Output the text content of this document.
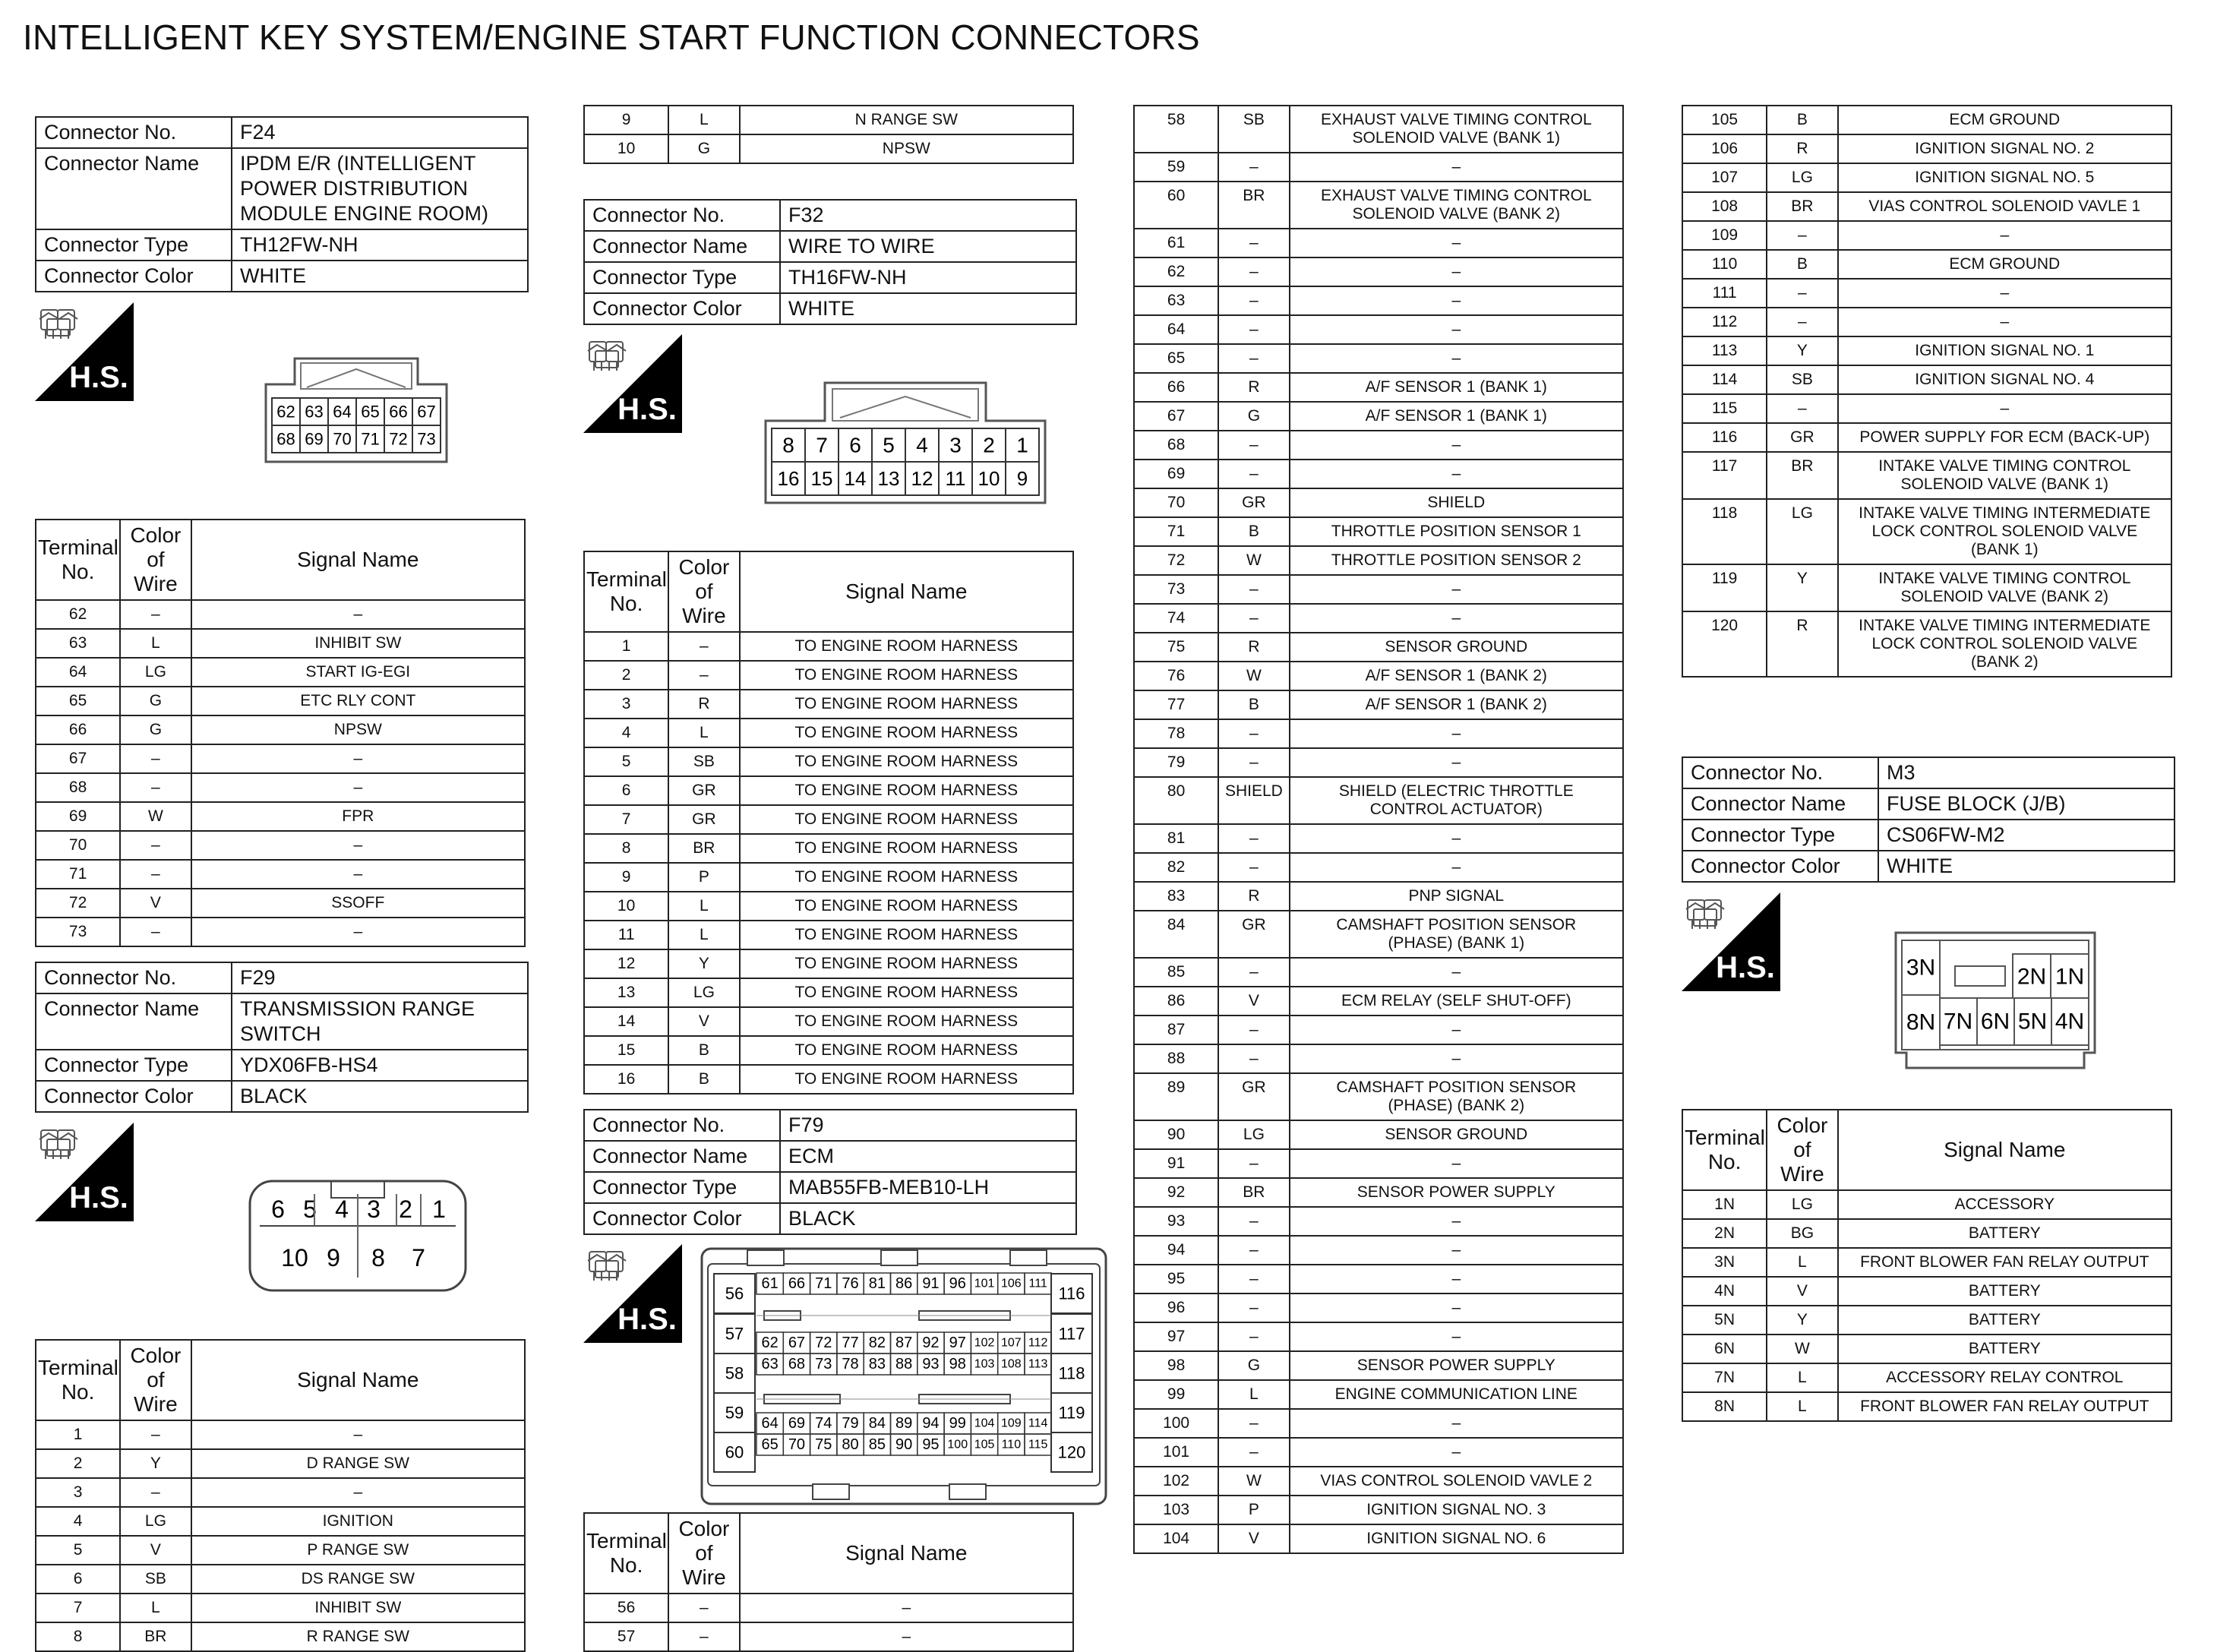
INTELLIGENT KEY SYSTEM/ENGINE START FUNCTION CONNECTORS
Connector No.	F24
Connector Name	IPDM E/R (INTELLIGENT POWER DISTRIBUTION MODULE ENGINE ROOM)
Connector Type	TH12FW-NH
Connector Color	WHITE
Connector No.	F29
Connector Name	TRANSMISSION RANGE SWITCH
Connector Type	YDX06FB-HS4
Connector Color	BLACK
Connector No.	F32
Connector Name	WIRE TO WIRE
Connector Type	TH16FW-NH
Connector Color	WHITE
Connector No.	F79
Connector Name	ECM
Connector Type	MAB55FB-MEB10-LH
Connector Color	BLACK
Connector No.	M3
Connector Name	FUSE BLOCK (J/B)
Connector Type	CS06FW-M2
Connector Color	WHITE
H.S.
H.S.
H.S.
H.S.
H.S.
62 63 64 65 66 67
68 69 70 71 72 73
6 5 4 3 2 1
10 9 8 7
8 7 6 5 4 3 2 1
16 15 14 13 12 11 10 9
56
57
58
59
60
116
117
118
119
120
61 66 71 76 81 86 91 96 101 106 111
62 67 72 77 82 87 92 97 102 107 112
63 68 73 78 83 88 93 98 103 108 113
64 69 74 79 84 89 94 99 104 109 114
65 70 75 80 85 90 95 100 105 110 115
3N
8N
2N 1N
7N 6N 5N 4N
Terminal
No.	Color of
Wire	Signal Name
62	–	–
63	L	INHIBIT SW
64	LG	START IG-EGI
65	G	ETC RLY CONT
66	G	NPSW
67	–	–
68	–	–
69	W	FPR
70	–	–
71	–	–
72	V	SSOFF
73	–	–
Terminal
No.	Color of
Wire	Signal Name
1	–	–
2	Y	D RANGE SW
3	–	–
4	LG	IGNITION
5	V	P RANGE SW
6	SB	DS RANGE SW
7	L	INHIBIT SW
8	BR	R RANGE SW
9	L	N RANGE SW
10	G	NPSW
Terminal
No.	Color of
Wire	Signal Name
1	–	TO ENGINE ROOM HARNESS
2	–	TO ENGINE ROOM HARNESS
3	R	TO ENGINE ROOM HARNESS
4	L	TO ENGINE ROOM HARNESS
5	SB	TO ENGINE ROOM HARNESS
6	GR	TO ENGINE ROOM HARNESS
7	GR	TO ENGINE ROOM HARNESS
8	BR	TO ENGINE ROOM HARNESS
9	P	TO ENGINE ROOM HARNESS
10	L	TO ENGINE ROOM HARNESS
11	L	TO ENGINE ROOM HARNESS
12	Y	TO ENGINE ROOM HARNESS
13	LG	TO ENGINE ROOM HARNESS
14	V	TO ENGINE ROOM HARNESS
15	B	TO ENGINE ROOM HARNESS
16	B	TO ENGINE ROOM HARNESS
Terminal
No.	Color of
Wire	Signal Name
56	–	–
57	–	–
58	SB	EXHAUST VALVE TIMING CONTROL SOLENOID VALVE (BANK 1)
59	–	–
60	BR	EXHAUST VALVE TIMING CONTROL SOLENOID VALVE (BANK 2)
61	–	–
62	–	–
63	–	–
64	–	–
65	–	–
66	R	A/F SENSOR 1 (BANK 1)
67	G	A/F SENSOR 1 (BANK 1)
68	–	–
69	–	–
70	GR	SHIELD
71	B	THROTTLE POSITION SENSOR 1
72	W	THROTTLE POSITION SENSOR 2
73	–	–
74	–	–
75	R	SENSOR GROUND
76	W	A/F SENSOR 1 (BANK 2)
77	B	A/F SENSOR 1 (BANK 2)
78	–	–
79	–	–
80	SHIELD	SHIELD (ELECTRIC THROTTLE CONTROL ACTUATOR)
81	–	–
82	–	–
83	R	PNP SIGNAL
84	GR	CAMSHAFT POSITION SENSOR (PHASE) (BANK 1)
85	–	–
86	V	ECM RELAY (SELF SHUT-OFF)
87	–	–
88	–	–
89	GR	CAMSHAFT POSITION SENSOR (PHASE) (BANK 2)
90	LG	SENSOR GROUND
91	–	–
92	BR	SENSOR POWER SUPPLY
93	–	–
94	–	–
95	–	–
96	–	–
97	–	–
98	G	SENSOR POWER SUPPLY
99	L	ENGINE COMMUNICATION LINE
100	–	–
101	–	–
102	W	VIAS CONTROL SOLENOID VAVLE 2
103	P	IGNITION SIGNAL NO. 3
104	V	IGNITION SIGNAL NO. 6
105	B	ECM GROUND
106	R	IGNITION SIGNAL NO. 2
107	LG	IGNITION SIGNAL NO. 5
108	BR	VIAS CONTROL SOLENOID VAVLE 1
109	–	–
110	B	ECM GROUND
111	–	–
112	–	–
113	Y	IGNITION SIGNAL NO. 1
114	SB	IGNITION SIGNAL NO. 4
115	–	–
116	GR	POWER SUPPLY FOR ECM (BACK-UP)
117	BR	INTAKE VALVE TIMING CONTROL SOLENOID VALVE (BANK 1)
118	LG	INTAKE VALVE TIMING INTERMEDIATE LOCK CONTROL SOLENOID VALVE (BANK 1)
119	Y	INTAKE VALVE TIMING CONTROL SOLENOID VALVE (BANK 2)
120	R	INTAKE VALVE TIMING INTERMEDIATE LOCK CONTROL SOLENOID VALVE (BANK 2)
Terminal
No.	Color of
Wire	Signal Name
1N	LG	ACCESSORY
2N	BG	BATTERY
3N	L	FRONT BLOWER FAN RELAY OUTPUT
4N	V	BATTERY
5N	Y	BATTERY
6N	W	BATTERY
7N	L	ACCESSORY RELAY CONTROL
8N	L	FRONT BLOWER FAN RELAY OUTPUT
